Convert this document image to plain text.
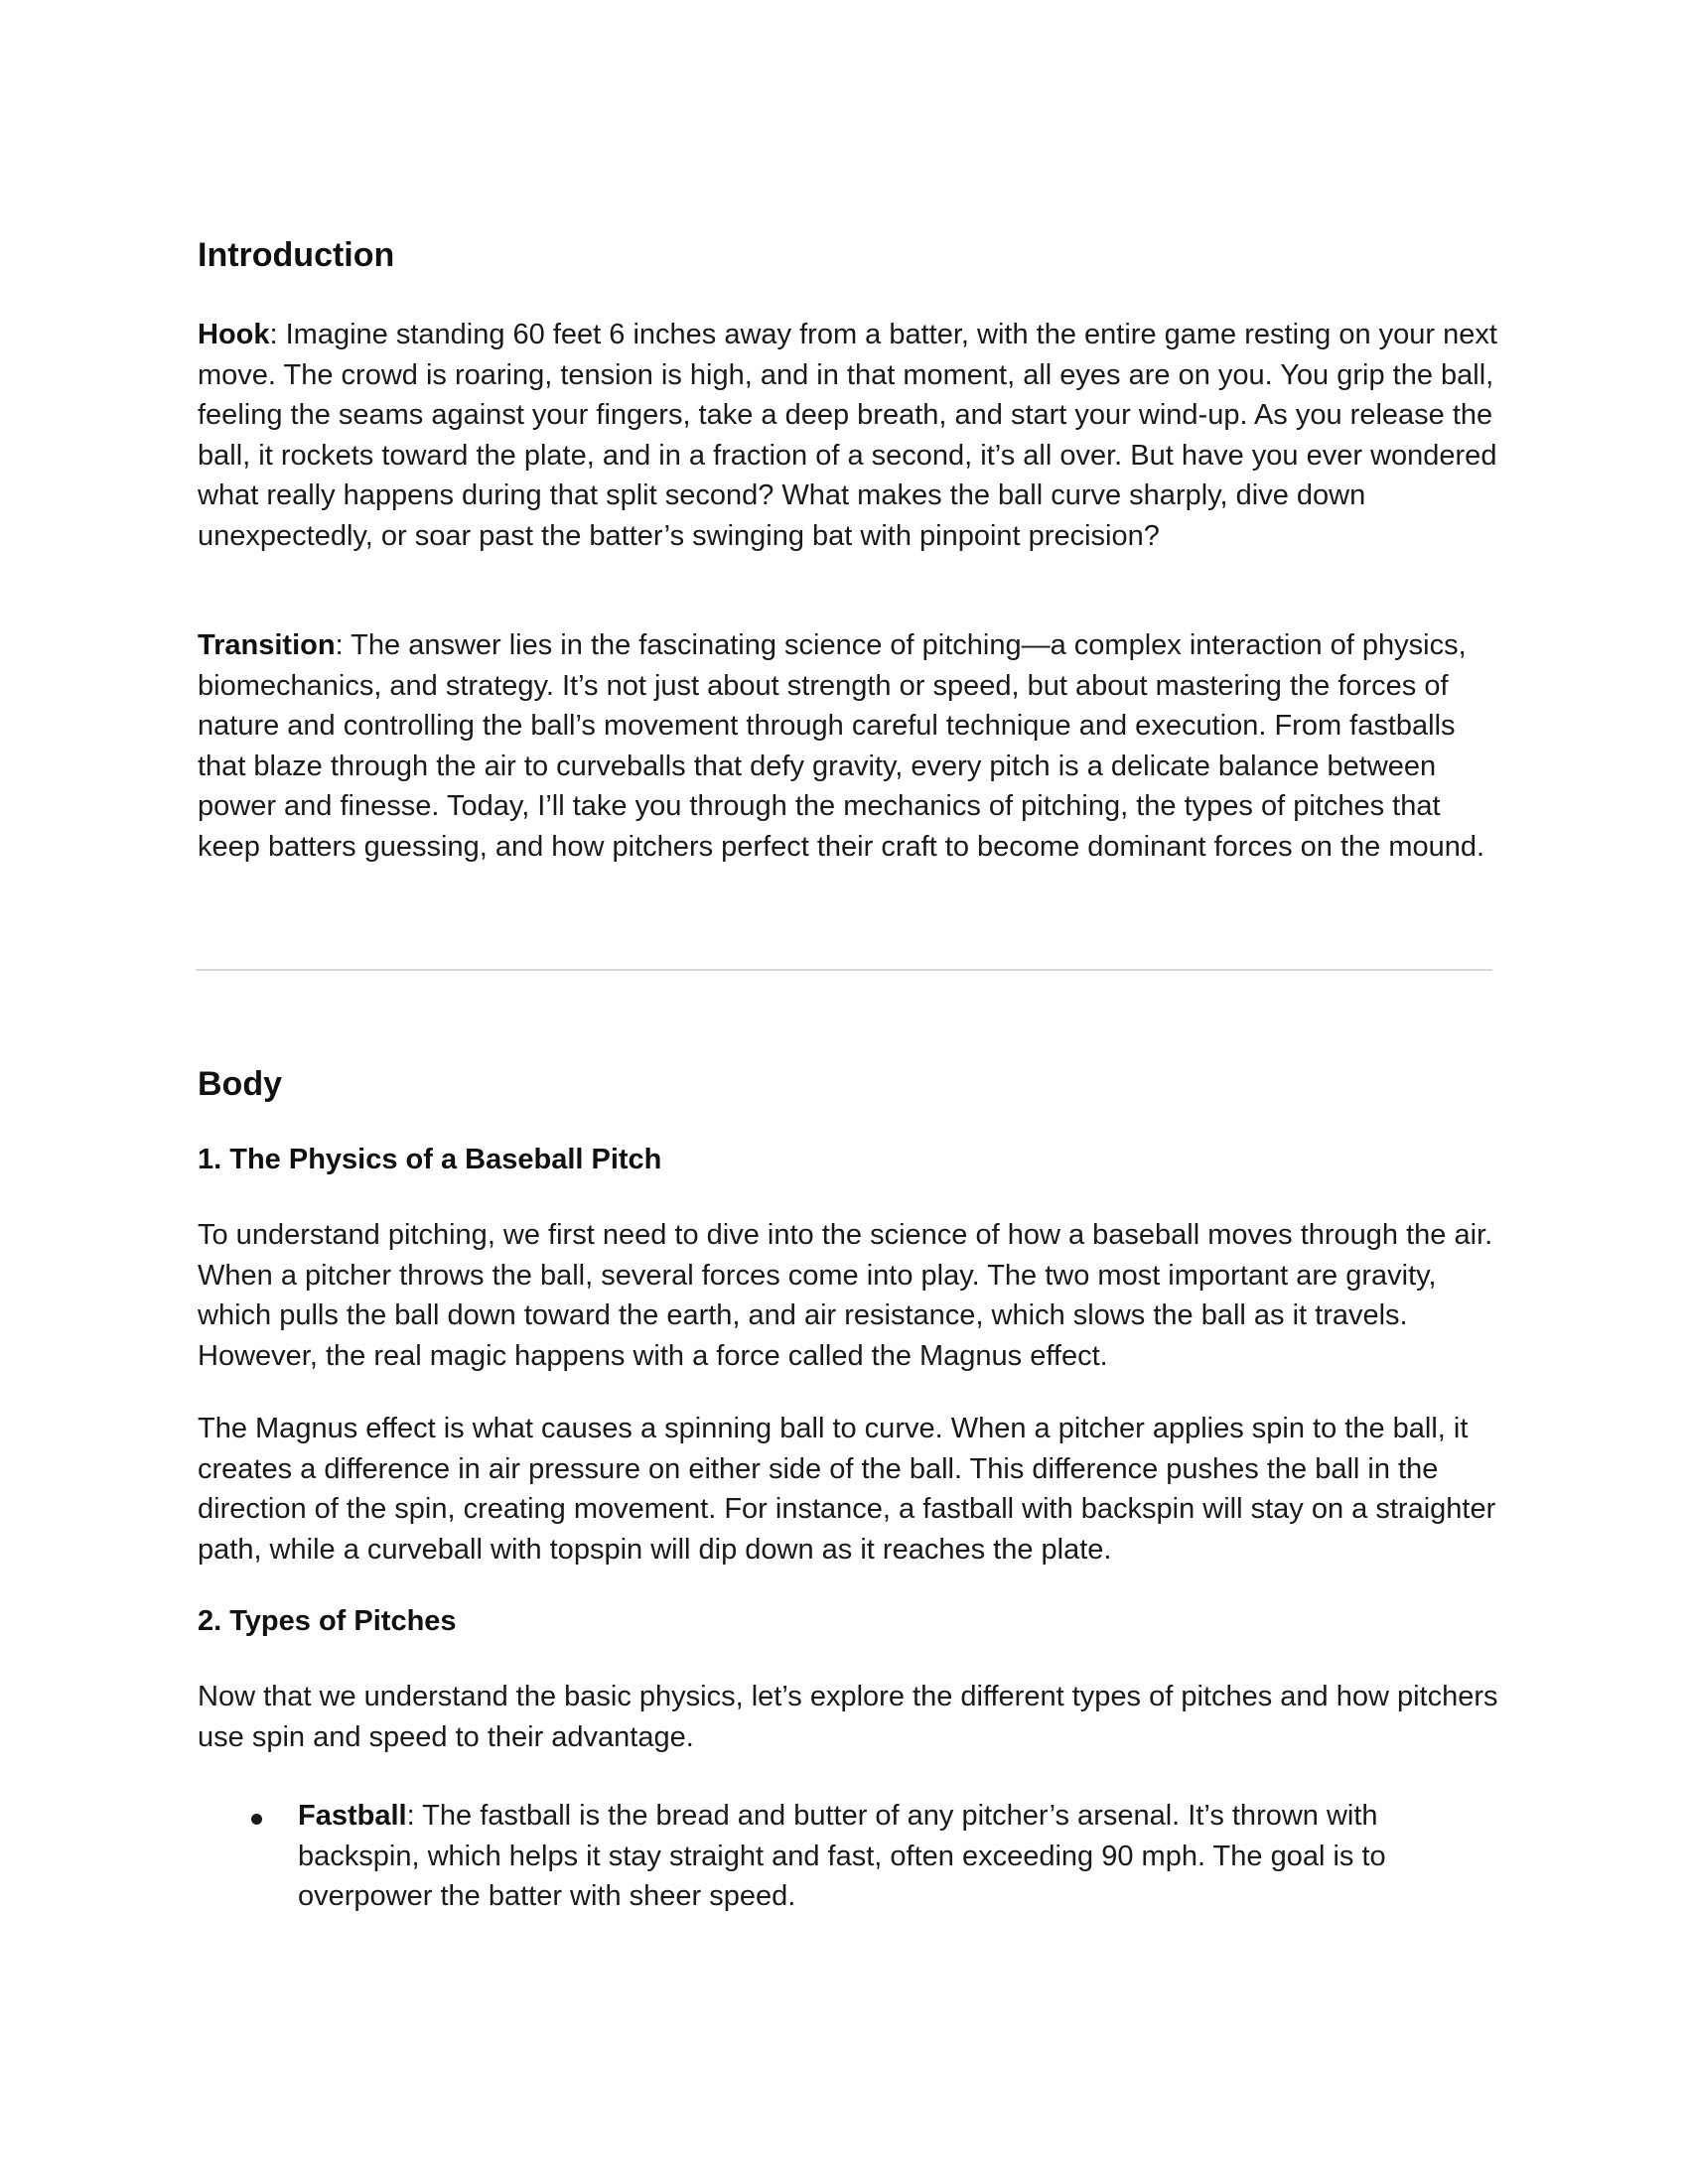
Introduction

Hook: Imagine standing 60 feet 6 inches away from a batter, with the entire game resting on your next move. The crowd is roaring, tension is high, and in that moment, all eyes are on you. You grip the ball, feeling the seams against your fingers, take a deep breath, and start your wind-up. As you release the ball, it rockets toward the plate, and in a fraction of a second, it’s all over. But have you ever wondered what really happens during that split second? What makes the ball curve sharply, dive down unexpectedly, or soar past the batter’s swinging bat with pinpoint precision?

Transition: The answer lies in the fascinating science of pitching—a complex interaction of physics, biomechanics, and strategy. It’s not just about strength or speed, but about mastering the forces of nature and controlling the ball’s movement through careful technique and execution. From fastballs that blaze through the air to curveballs that defy gravity, every pitch is a delicate balance between power and finesse. Today, I’ll take you through the mechanics of pitching, the types of pitches that keep batters guessing, and how pitchers perfect their craft to become dominant forces on the mound.

Body
1. The Physics of a Baseball Pitch

To understand pitching, we first need to dive into the science of how a baseball moves through the air. When a pitcher throws the ball, several forces come into play. The two most important are gravity, which pulls the ball down toward the earth, and air resistance, which slows the ball as it travels. However, the real magic happens with a force called the Magnus effect.

The Magnus effect is what causes a spinning ball to curve. When a pitcher applies spin to the ball, it creates a difference in air pressure on either side of the ball. This difference pushes the ball in the direction of the spin, creating movement. For instance, a fastball with backspin will stay on a straighter path, while a curveball with topspin will dip down as it reaches the plate.

2. Types of Pitches

Now that we understand the basic physics, let’s explore the different types of pitches and how pitchers use spin and speed to their advantage.

Fastball: The fastball is the bread and butter of any pitcher’s arsenal. It’s thrown with backspin, which helps it stay straight and fast, often exceeding 90 mph. The goal is to overpower the batter with sheer speed.
